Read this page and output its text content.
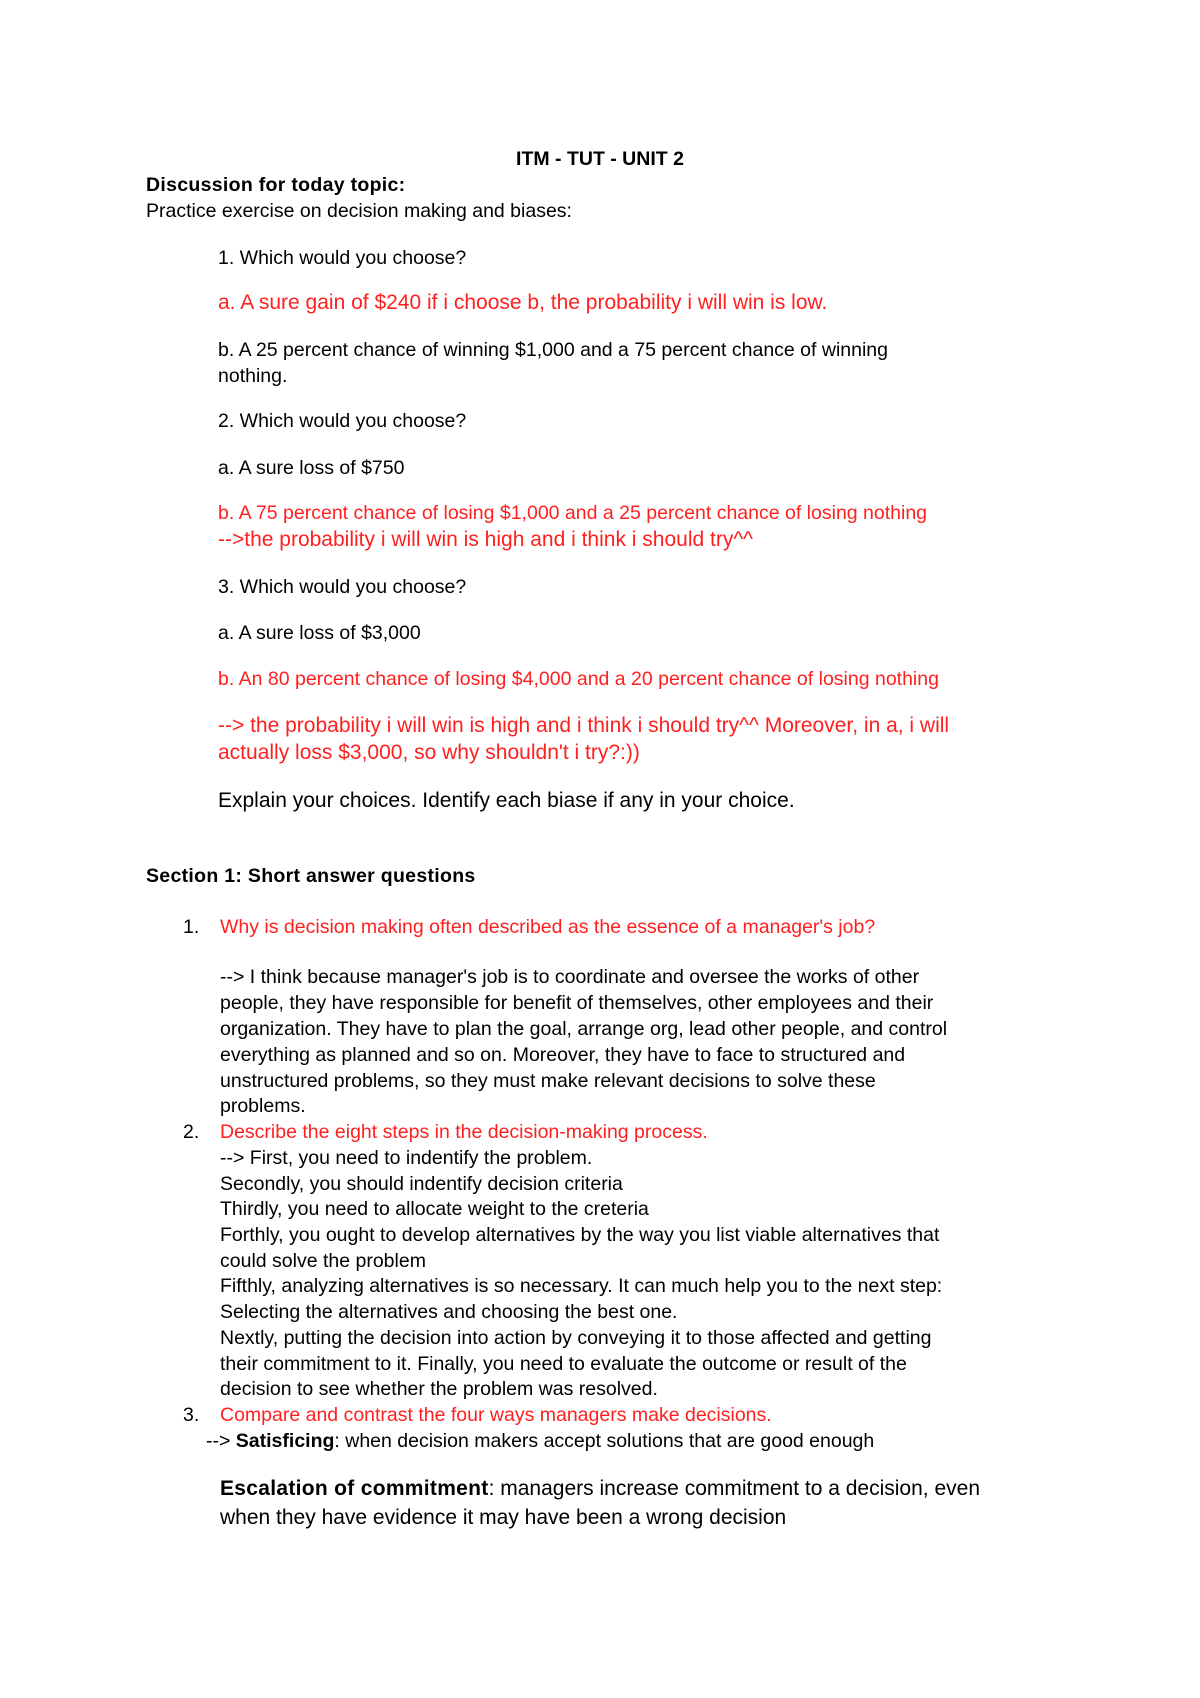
ITM - TUT - UNIT 2
Discussion for today topic:
Practice exercise on decision making and biases:
1. Which would you choose?
a. A sure gain of $240 if i choose b, the probability i will win is low.
b. A 25 percent chance of winning $1,000 and a 75 percent chance of winning
nothing.
2. Which would you choose?
a. A sure loss of $750
b. A 75 percent chance of losing $1,000 and a 25 percent chance of losing nothing
-->the probability i will win is high and i think i should try^^
3. Which would you choose?
a. A sure loss of $3,000
b. An 80 percent chance of losing $4,000 and a 20 percent chance of losing nothing
--> the probability i will win is high and i think i should try^^ Moreover, in a, i will
actually loss $3,000, so why shouldn't i try?:))
Explain your choices. Identify each biase if any in your choice.
Section 1: Short answer questions
1. Why is decision making often described as the essence of a manager's job?
--> I think because manager's job is to coordinate and oversee the works of other
people, they have responsible for benefit of themselves, other employees and their
organization. They have to plan the goal, arrange org, lead other people, and control
everything as planned and so on. Moreover, they have to face to structured and
unstructured problems, so they must make relevant decisions to solve these
problems.
2. Describe the eight steps in the decision-making process.
--> First, you need to indentify the problem.
Secondly, you should indentify decision criteria
Thirdly, you need to allocate weight to the creteria
Forthly, you ought to develop alternatives by the way you list viable alternatives that
could solve the problem
Fifthly, analyzing alternatives is so necessary. It can much help you to the next step:
Selecting the alternatives and choosing the best one.
Nextly, putting the decision into action by conveying it to those affected and getting
their commitment to it. Finally, you need to evaluate the outcome or result of the
decision to see whether the problem was resolved.
3. Compare and contrast the four ways managers make decisions.
--> Satisficing: when decision makers accept solutions that are good enough
Escalation of commitment: managers increase commitment to a decision, even
when they have evidence it may have been a wrong decision
